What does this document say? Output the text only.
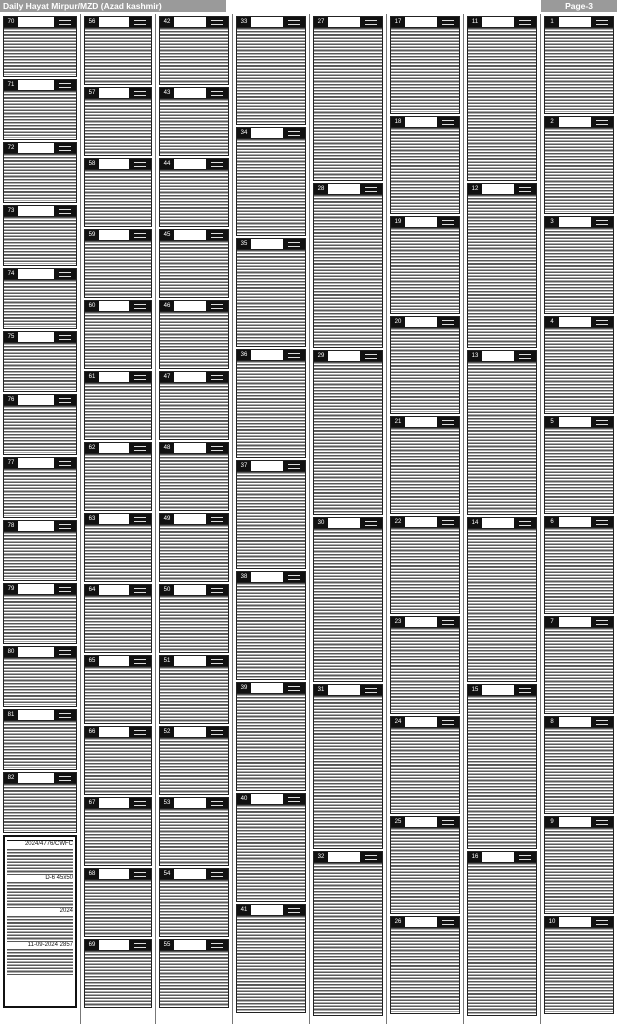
Daily Hayat Mirpur/MZD (Azad kashmir)	Page-3
70
71
72
73
74
75
76
77
78
79
80
81
82
2024/4776/CWFC
D-6 45x50
2024
11-09-2024 2857
56
57
58
59
60
61
62
63
64
65
66
67
68
69
42
43
44
45
46
47
48
49
50
51
52
53
54
55
33
34
35
36
37
38
39
40
41
27
28
29
30
31
32
17
18
19
20
21
22
23
24
25
26
11
12
13
14
15
16
1
2
3
4
5
6
7
8
9
10
